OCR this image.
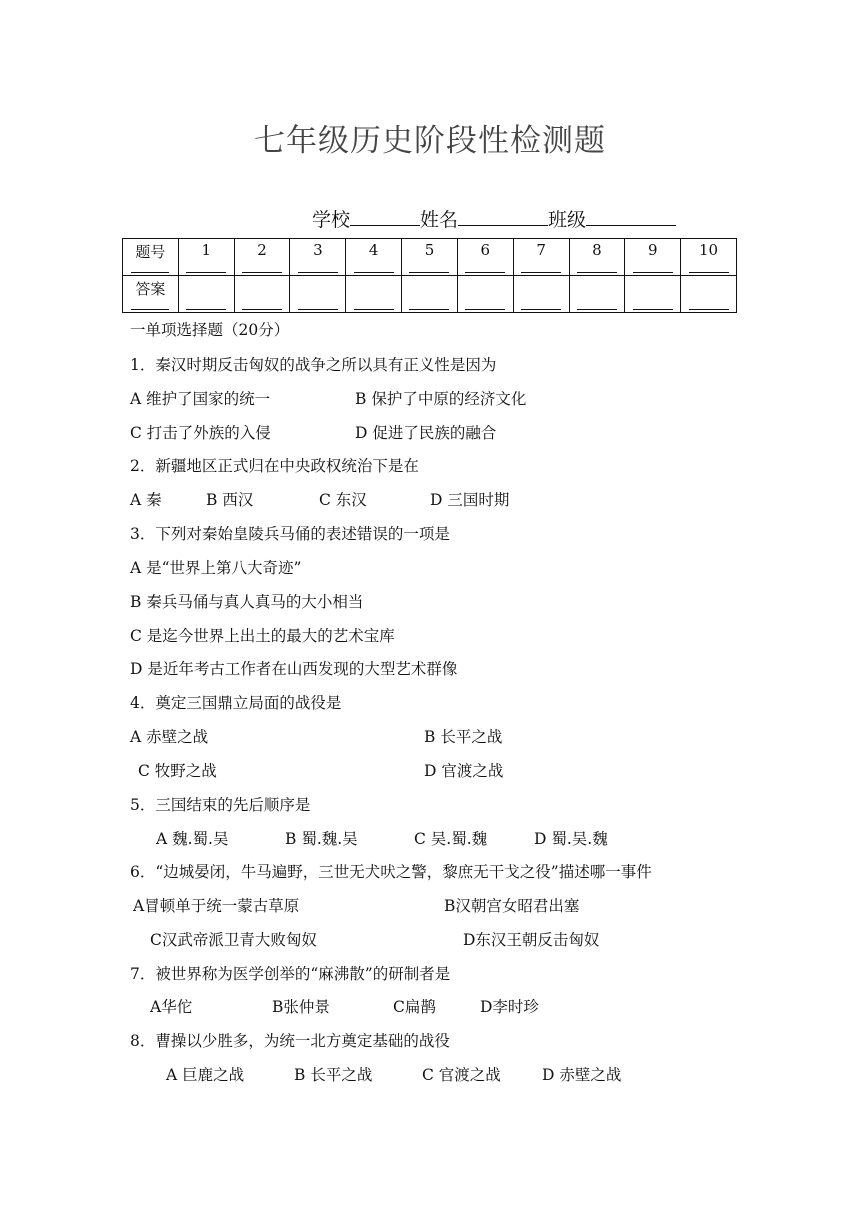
七年级历史阶段性检测题
学校	姓名	班级
题号	1	2	3	4	5	6	7	8	9	10

答案										

一单项选择题（20分）
1．秦汉时期反击匈奴的战争之所以具有正义性是因为
A 维护了国家的统一	B 保护了中原的经济文化
C 打击了外族的入侵	D 促进了民族的融合
2．新疆地区正式归在中央政权统治下是在
A 秦	B 西汉	C 东汉	D 三国时期
3．下列对秦始皇陵兵马俑的表述错误的一项是
A 是“世界上第八大奇迹”
B 秦兵马俑与真人真马的大小相当
C 是迄今世界上出土的最大的艺术宝库
D 是近年考古工作者在山西发现的大型艺术群像
4．奠定三国鼎立局面的战役是
A 赤壁之战	B 长平之战
C 牧野之战	D 官渡之战
5．三国结束的先后顺序是
A 魏.蜀.吴	B 蜀.魏.吴	C 吴.蜀.魏	D 蜀.吴.魏
6．“边城晏闭，牛马遍野，三世无犬吠之警，黎庶无干戈之役”描述哪一事件
A冒顿单于统一蒙古草原	B汉朝宫女昭君出塞
C汉武帝派卫青大败匈奴	D东汉王朝反击匈奴
7．被世界称为医学创举的“麻沸散”的研制者是
A华佗	B张仲景	C扁鹊	D李时珍
8．曹操以少胜多，为统一北方奠定基础的战役
A 巨鹿之战	B 长平之战	C 官渡之战	D 赤壁之战
